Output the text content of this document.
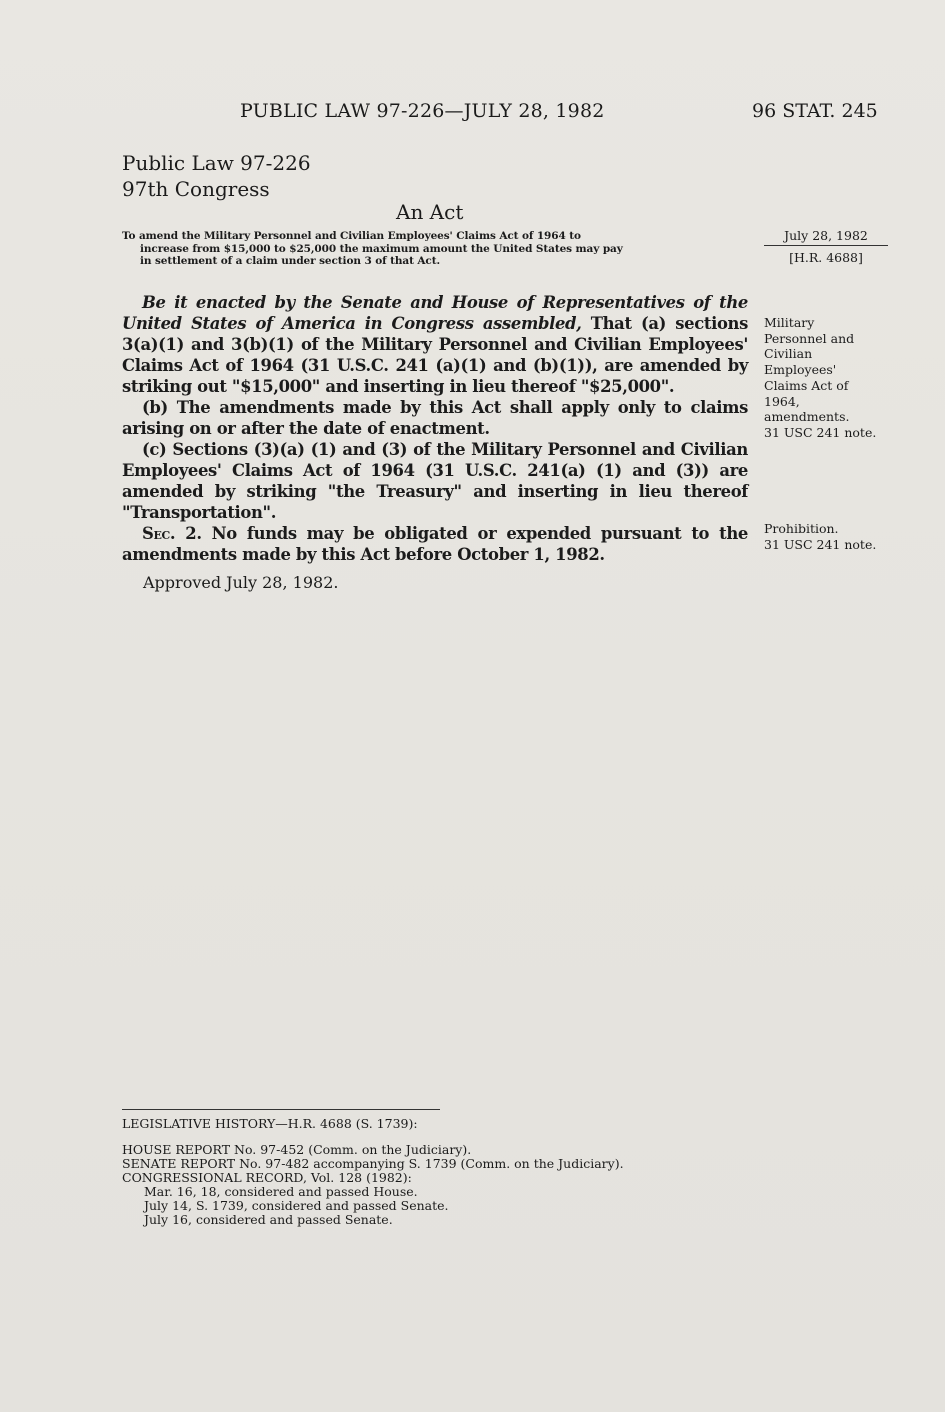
PUBLIC LAW 97-226—JULY 28, 1982	96 STAT. 245
Public Law 97-226
97th Congress
An Act
To amend the Military Personnel and Civilian Employees' Claims Act of 1964 to
increase from $15,000 to $25,000 the maximum amount the United States may pay
in settlement of a claim under section 3 of that Act.
July 28, 1982
[H.R. 4688]

Be it enacted by the Senate and House of Representatives of the United States of America in Congress assembled, That (a) sections 3(a)(1) and 3(b)(1) of the Military Personnel and Civilian Employees' Claims Act of 1964 (31 U.S.C. 241 (a)(1) and (b)(1)), are amended by striking out "$15,000" and inserting in lieu thereof "$25,000".

(b) The amendments made by this Act shall apply only to claims arising on or after the date of enactment.

(c) Sections (3)(a) (1) and (3) of the Military Personnel and Civilian Employees' Claims Act of 1964 (31 U.S.C. 241(a) (1) and (3)) are amended by striking "the Treasury" and inserting in lieu thereof "Transportation".

Sec. 2. No funds may be obligated or expended pursuant to the amendments made by this Act before October 1, 1982.

Military
Personnel and
Civilian
Employees'
Claims Act of
1964,
amendments.
31 USC 241 note.
Prohibition.
31 USC 241 note.
Approved July 28, 1982.
LEGISLATIVE HISTORY—H.R. 4688 (S. 1739):
HOUSE REPORT No. 97-452 (Comm. on the Judiciary).
SENATE REPORT No. 97-482 accompanying S. 1739 (Comm. on the Judiciary).
CONGRESSIONAL RECORD, Vol. 128 (1982):
Mar. 16, 18, considered and passed House.
July 14, S. 1739, considered and passed Senate.
July 16, considered and passed Senate.
